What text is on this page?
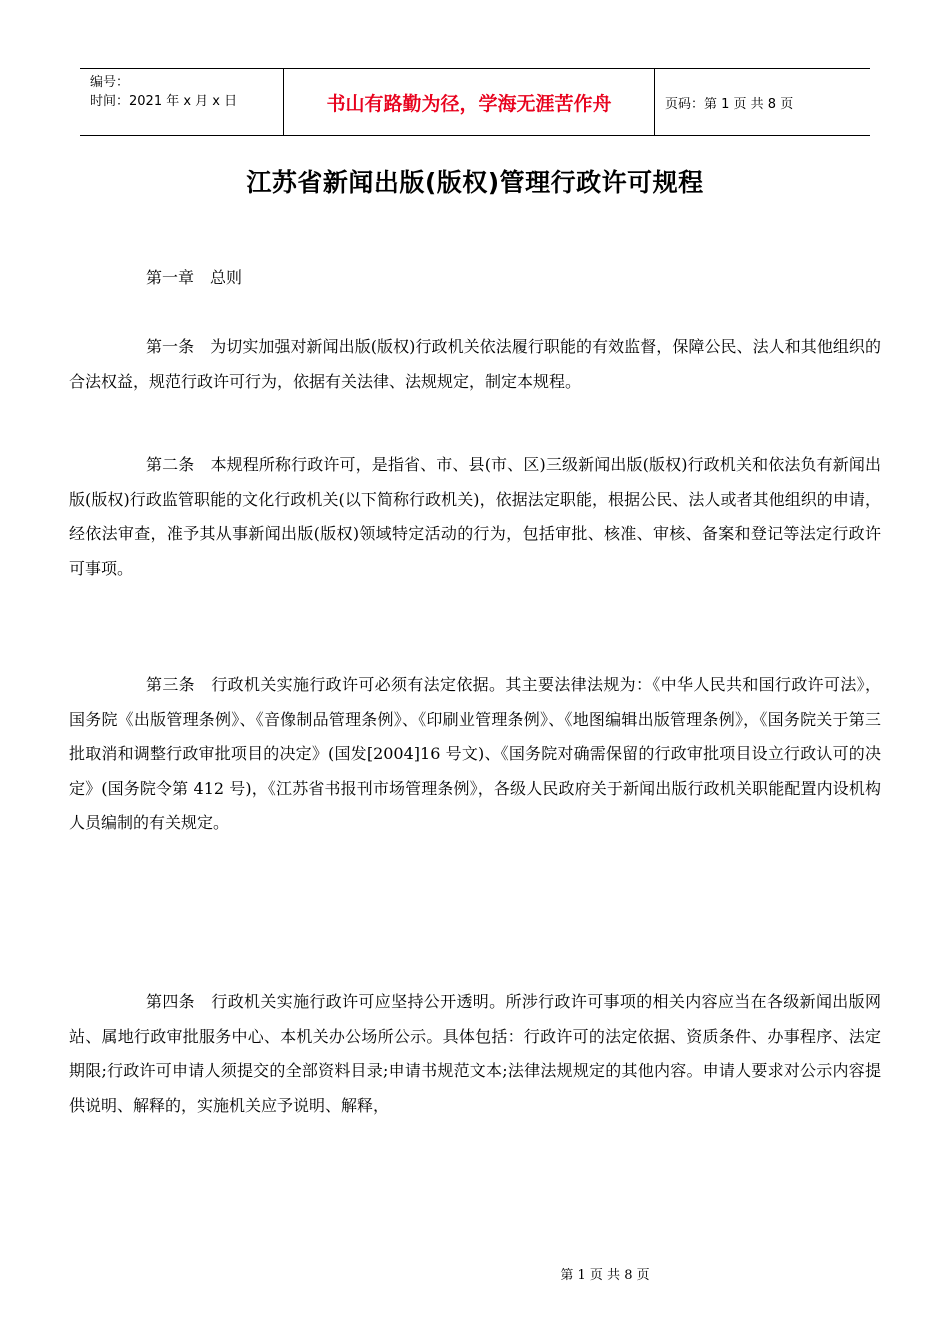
编号：
时间：2021 年 x 月 x 日	书山有路勤为径，学海无涯苦作舟	页码：第 1 页 共 8 页
江苏省新闻出版(版权)管理行政许可规程
第一章　总则

第一条　为切实加强对新闻出版(版权)行政机关依法履行职能的有效监督，保障公民、法人和其他组织的合法权益，规范行政许可行为，依据有关法律、法规规定，制定本规程。

第二条　本规程所称行政许可，是指省、市、县(市、区)三级新闻出版(版权)行政机关和依法负有新闻出版(版权)行政监管职能的文化行政机关(以下简称行政机关)，依据法定职能，根据公民、法人或者其他组织的申请，经依法审查，准予其从事新闻出版(版权)领域特定活动的行为，包括审批、核准、审核、备案和登记等法定行政许可事项。

第三条　行政机关实施行政许可必须有法定依据。其主要法律法规为：《中华人民共和国行政许可法》，国务院《出版管理条例》、《音像制品管理条例》、《印刷业管理条例》、《地图编辑出版管理条例》，《国务院关于第三批取消和调整行政审批项目的决定》(国发[2004]16 号文)、《国务院对确需保留的行政审批项目设立行政认可的决定》(国务院令第 412 号)，《江苏省书报刊市场管理条例》，各级人民政府关于新闻出版行政机关职能配置内设机构人员编制的有关规定。

第四条　行政机关实施行政许可应坚持公开透明。所涉行政许可事项的相关内容应当在各级新闻出版网站、属地行政审批服务中心、本机关办公场所公示。具体包括：行政许可的法定依据、资质条件、办事程序、法定期限;行政许可申请人须提交的全部资料目录;申请书规范文本;法律法规规定的其他内容。申请人要求对公示内容提供说明、解释的，实施机关应予说明、解释，

第 1 页 共 8 页
